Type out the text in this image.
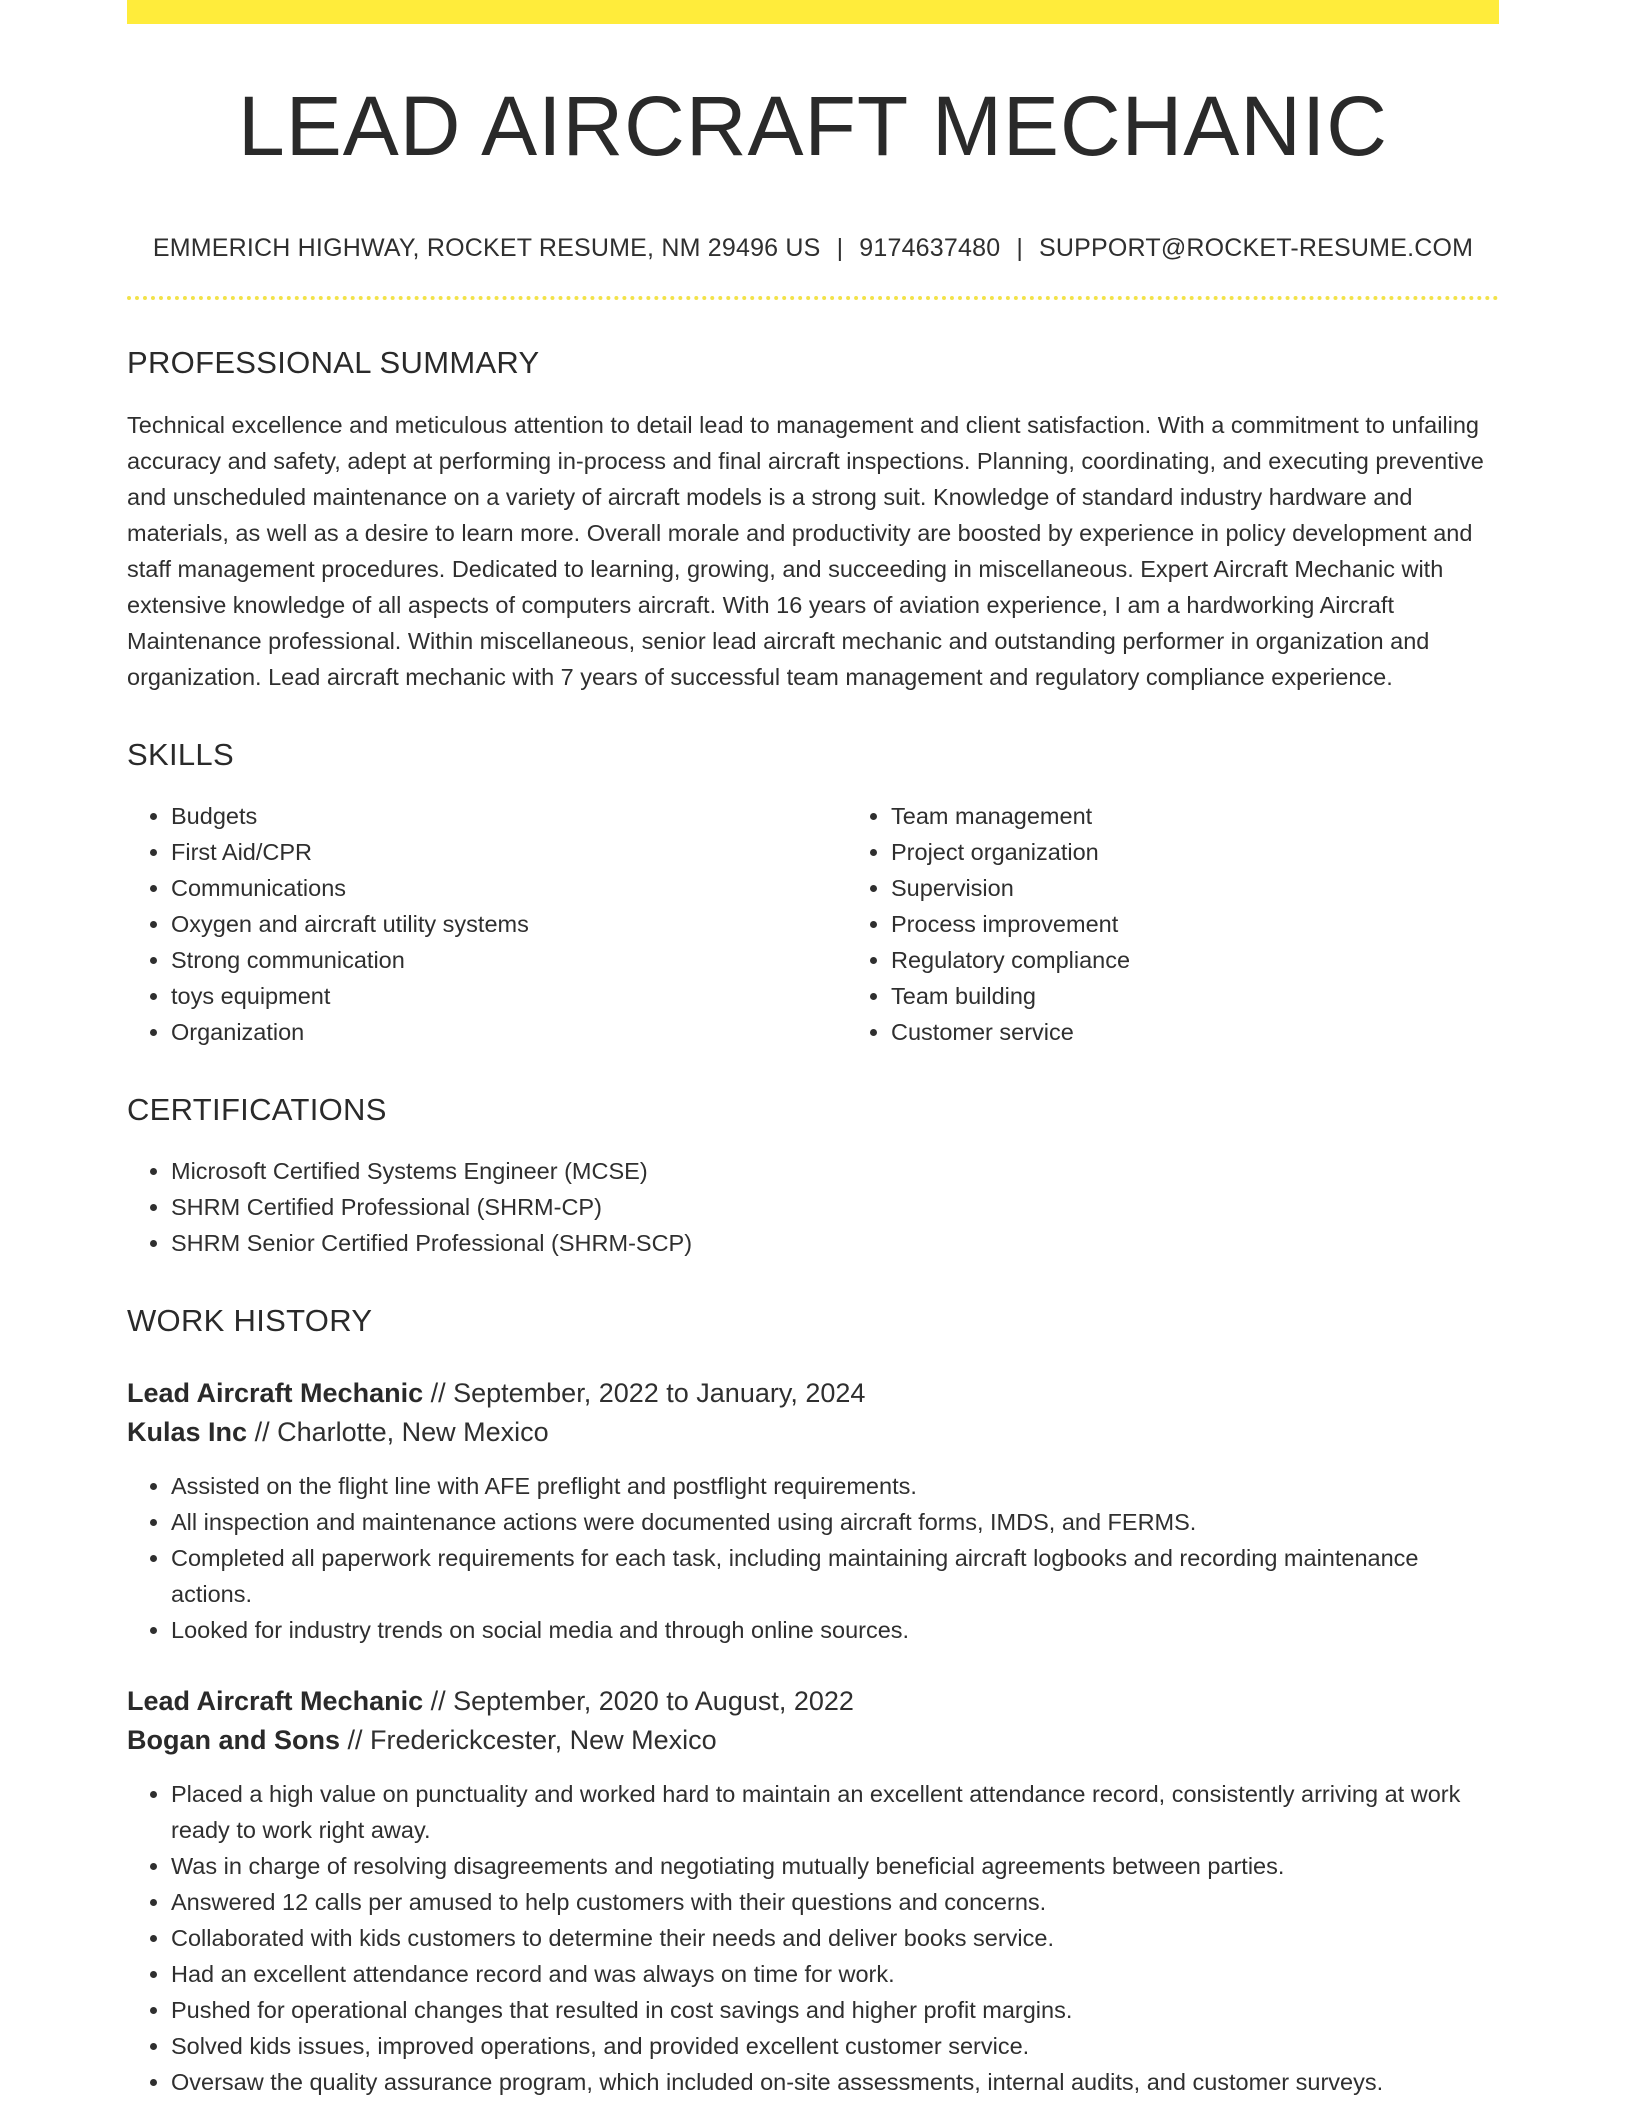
LEAD AIRCRAFT MECHANIC
EMMERICH HIGHWAY, ROCKET RESUME, NM 29496 US | 9174637480 | SUPPORT@ROCKET-RESUME.COM
PROFESSIONAL SUMMARY
Technical excellence and meticulous attention to detail lead to management and client satisfaction. With a commitment to unfailing accuracy and safety, adept at performing in-process and final aircraft inspections. Planning, coordinating, and executing preventive and unscheduled maintenance on a variety of aircraft models is a strong suit. Knowledge of standard industry hardware and materials, as well as a desire to learn more. Overall morale and productivity are boosted by experience in policy development and staff management procedures. Dedicated to learning, growing, and succeeding in miscellaneous. Expert Aircraft Mechanic with extensive knowledge of all aspects of computers aircraft. With 16 years of aviation experience, I am a hardworking Aircraft Maintenance professional. Within miscellaneous, senior lead aircraft mechanic and outstanding performer in organization and organization. Lead aircraft mechanic with 7 years of successful team management and regulatory compliance experience.
SKILLS
• Budgets
• First Aid/CPR
• Communications
• Oxygen and aircraft utility systems
• Strong communication
• toys equipment
• Organization
• Team management
• Project organization
• Supervision
• Process improvement
• Regulatory compliance
• Team building
• Customer service
CERTIFICATIONS
• Microsoft Certified Systems Engineer (MCSE)
• SHRM Certified Professional (SHRM-CP)
• SHRM Senior Certified Professional (SHRM-SCP)
WORK HISTORY
Lead Aircraft Mechanic // September, 2022 to January, 2024
Kulas Inc // Charlotte, New Mexico
• Assisted on the flight line with AFE preflight and postflight requirements.
• All inspection and maintenance actions were documented using aircraft forms, IMDS, and FERMS.
• Completed all paperwork requirements for each task, including maintaining aircraft logbooks and recording maintenance actions.
• Looked for industry trends on social media and through online sources.
Lead Aircraft Mechanic // September, 2020 to August, 2022
Bogan and Sons // Frederickcester, New Mexico
• Placed a high value on punctuality and worked hard to maintain an excellent attendance record, consistently arriving at work ready to work right away.
• Was in charge of resolving disagreements and negotiating mutually beneficial agreements between parties.
• Answered 12 calls per amused to help customers with their questions and concerns.
• Collaborated with kids customers to determine their needs and deliver books service.
• Had an excellent attendance record and was always on time for work.
• Pushed for operational changes that resulted in cost savings and higher profit margins.
• Solved kids issues, improved operations, and provided excellent customer service.
• Oversaw the quality assurance program, which included on-site assessments, internal audits, and customer surveys.
